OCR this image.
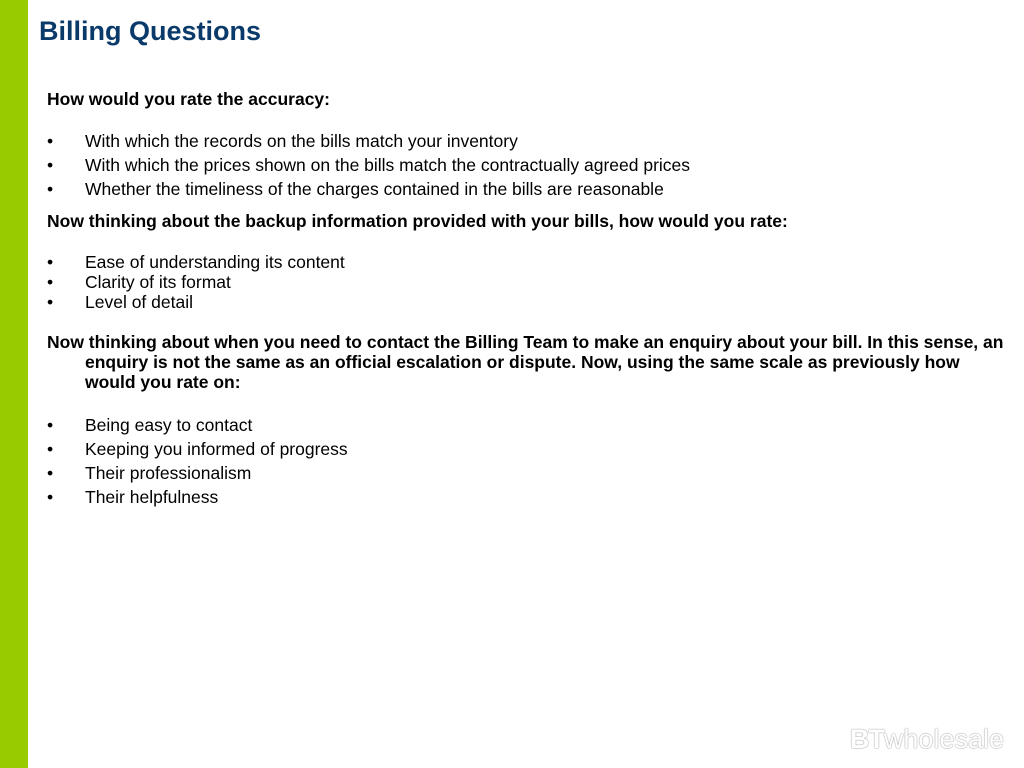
Billing Questions

How would you rate the accuracy:

• With which the records on the bills match your inventory
• With which the prices shown on the bills match the contractually agreed prices
• Whether the timeliness of the charges contained in the bills are reasonable

Now thinking about the backup information provided with your bills, how would you rate:

• Ease of understanding its content
• Clarity of its format
• Level of detail

Now thinking about when you need to contact the Billing Team to make an enquiry about your bill. In this sense, an enquiry is not the same as an official escalation or dispute. Now, using the same scale as previously how would you rate on:

• Being easy to contact
• Keeping you informed of progress
• Their professionalism
• Their helpfulness
BTwholesale
